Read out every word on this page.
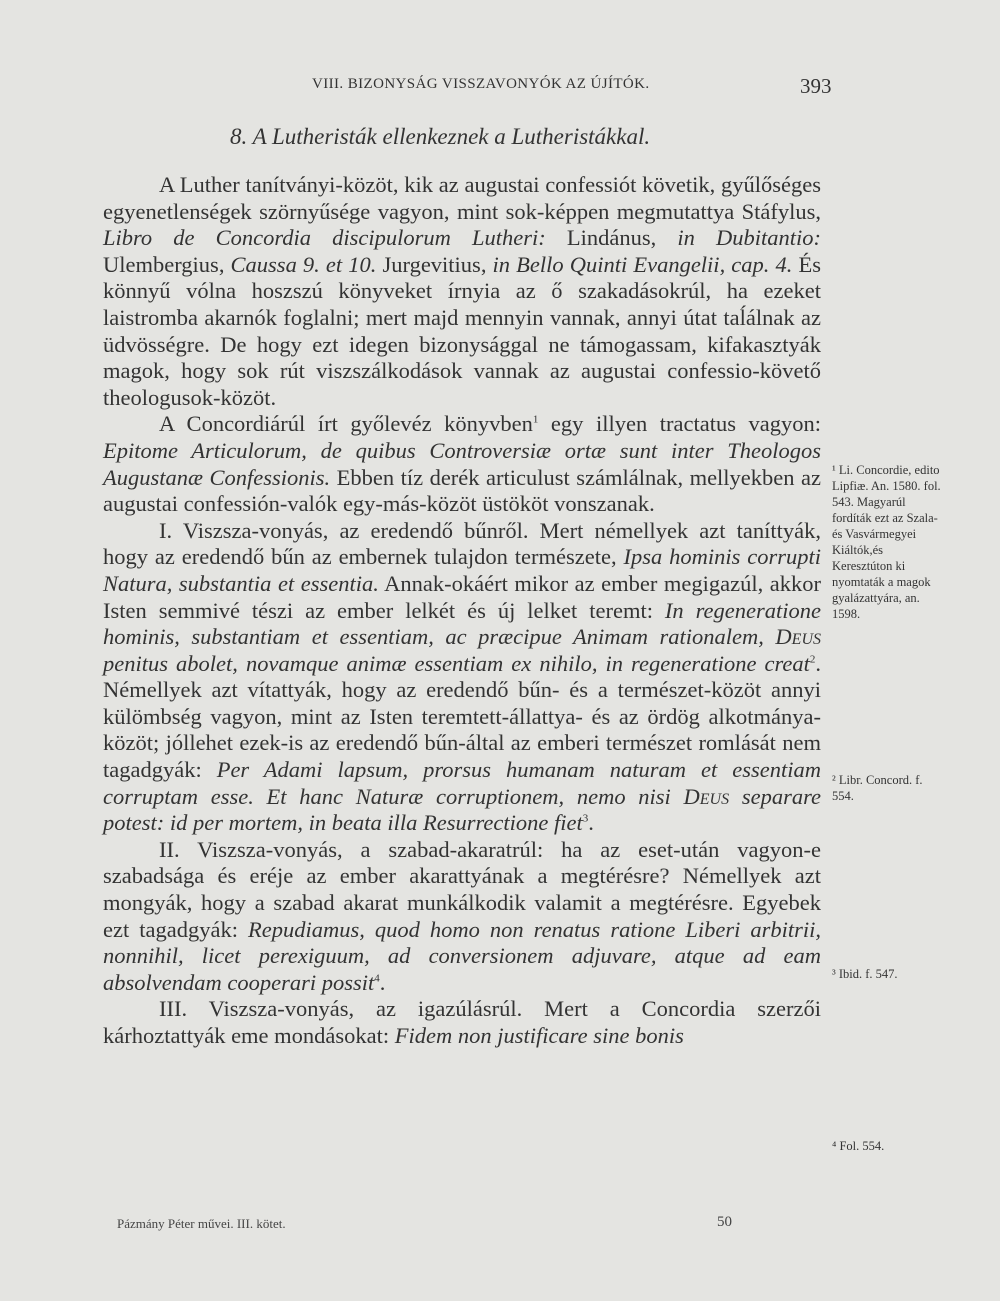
VIII. BIZONYSÁG VISSZAVONYÓK AZ ÚJÍTÓK.	393
8. A Lutheristák ellenkeznek a Lutheristákkal.

A Luther tanítványi-közöt, kik az augustai confessiót követik, gyűlőséges egyenetlenségek szörnyűsége vagyon, mint sok-képpen megmutattya Stáfylus, Libro de Concordia discipulorum Lutheri: Lindánus, in Dubitantio: Ulembergius, Caussa 9. et 10. Jurgevitius, in Bello Quinti Evangelii, cap. 4. És könnyű vólna hoszszú könyveket írnyia az ő szakadásokrúl, ha ezeket laistromba akarnók foglalni; mert majd mennyin vannak, annyi útat taĺálnak az üdvösségre. De hogy ezt idegen bizonysággal ne támogassam, kifakasztyák magok, hogy sok rút viszszálkodások vannak az augustai confessio-követő theologusok-közöt.

A Concordiárúl írt győlevéz könyvben$^1$ egy illyen tractatus vagyon: Epitome Articulorum, de quibus Controversiæ ortæ sunt inter Theologos Augustanæ Confessionis. Ebben tíz derék articulust számlálnak, mellyekben az augustai confessión-valók egy-más-közöt üstököt vonszanak.

I. Viszsza-vonyás, az eredendő bűnről. Mert némellyek azt taníttyák, hogy az eredendő bűn az embernek tulajdon természete, Ipsa hominis corrupti Natura, substantia et essentia. Annak-okáért mikor az ember megigazúl, akkor Isten semmivé tészi az ember lelkét és új lelket teremt: In regeneratione hominis, substantiam et essentiam, ac præcipue Animam rationalem, Deus penitus abolet, novamque animæ essentiam ex nihilo, in regeneratione creat$^2$. Némellyek azt vítattyák, hogy az eredendő bűn- és a természet-közöt annyi külömbség vagyon, mint az Isten teremtett-állattya- és az ördög alkotmánya-közöt; jóllehet ezek-is az eredendő bűn-által az emberi természet romlását nem tagadgyák: Per Adami lapsum, prorsus humanam naturam et essentiam corruptam esse. Et hanc Naturæ corruptionem, nemo nisi Deus separare potest: id per mortem, in beata illa Resurrectione fiet$^3$.

II. Viszsza-vonyás, a szabad-akaratrúl: ha az eset-után vagyon-e szabadsága és eréje az ember akarattyának a megtérésre? Némellyek azt mongyák, hogy a szabad akarat munkálkodik valamit a megtérésre. Egyebek ezt tagadgyák: Repudiamus, quod homo non renatus ratione Liberi arbitrii, nonnihil, licet perexiguum, ad conversionem adjuvare, atque ad eam absolvendam cooperari possit$^4$.

III. Viszsza-vonyás, az igazúlásrúl. Mert a Concordia szerzői kárhoztattyák eme mondásokat: Fidem non justificare sine bonis

¹ Li. Concordie, edito Lipfiæ. An. 1580. fol. 543. Magyarúl fordíták ezt az Szala- és Vasvármegyei Kiáltók,és Keresztúton ki nyomtaták a magok gyalázattyára, an. 1598.
² Libr. Concord. f. 554.
³ Ibid. f. 547.
⁴ Fol. 554.
Pázmány Péter művei. III. kötet.	50
